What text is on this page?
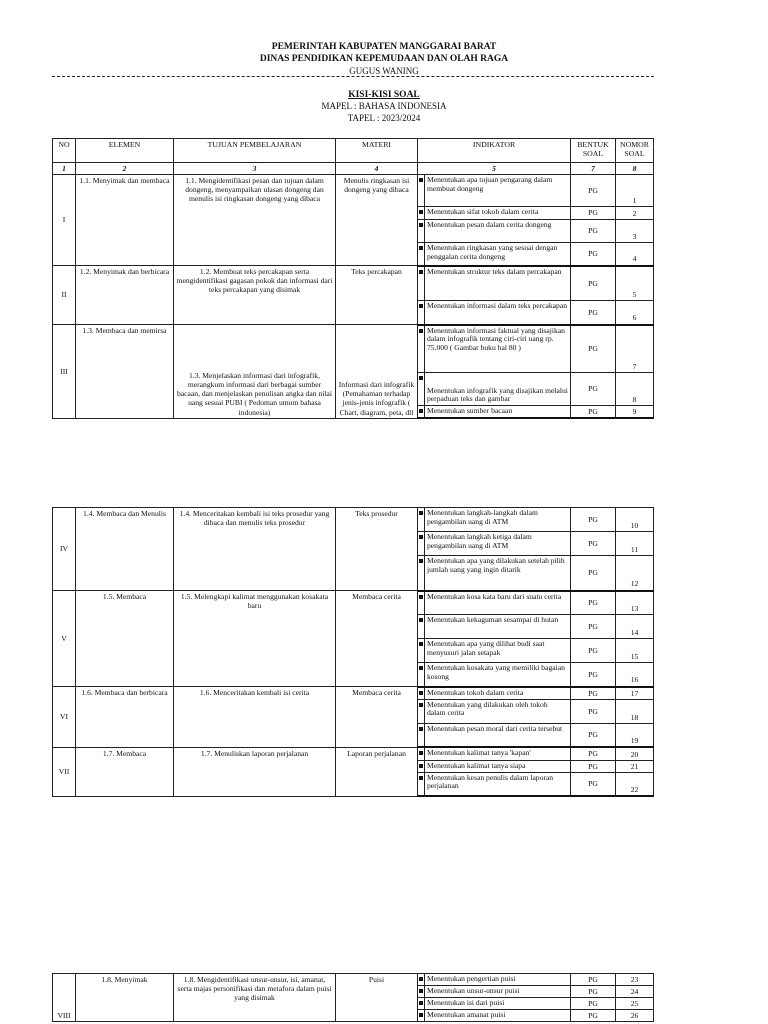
PEMERINTAH KABUPATEN MANGGARAI BARAT
DINAS PENDIDIKAN KEPEMUDAAN DAN OLAH RAGA
GUGUS WANING
KISI-KISI SOAL
MAPEL : BAHASA INDONESIA
TAPEL : 2023/2024
NO	ELEMEN	TUJUAN PEMBELAJARAN	MATERI	INDIKATOR		BENTUK SOAL	NOMOR SOAL
1	2	3	4	5		7	8
I	1.1. Menyimak dan membaca	1.1. Mengidentifikasi pesan dan tujuan dalam dongeng, menyampaikan ulasan dongeng dan menulis isi ringkasan dongeng yang dibaca	Menulis ringkasan isi dongeng yang dibaca		Menentukan apa tujuan pengarang dalam membuat dongeng	PG	1
					Menentukan sifat tokoh dalam cerita	PG	2
					Menentukan pesan dalam cerita dongeng	PG	3
					Menentukan ringkasan yang sesuai dengan penggalan cerita dongeng	PG	4
II	1.2. Menyimak dan berbicara	1.2. Membuat teks percakapan serta mengidentifikasi gagasan pokok dan informasi dari teks percakapan yang disimak	Teks percakapan		Menentukan struktur teks dalam percakapan	PG	5
					Menentukan informasi dalam teks percakapan	PG	6
III	1.3. Membaca dan memirsa	1.3. Menjelaskan informasi dari infografik, merangkum informasi dari berbagai sumber bacaan, dan menjelaskan penulisan angka dan nilai uang sesuai PUBI ( Pedoman umum bahasa indonesia)	Informasi dari infografik (Pemahaman terhadap jenis-jenis infografik ( Chart, diagram, peta, dll		Menentukan informasi faktual yang disajikan dalam infografik tentang ciri-ciri uang rp. 75.000 ( Gambar buku hal 80 )	PG	7
					Menentukan infografik yang disajikan melalui perpaduan teks dan gambar	PG	8
					Menentukan sumber bacaan	PG	9
IV	1.4. Membaca dan Menulis	1.4. Menceritakan kembali isi teks prosedur yang dibaca dan menulis teks prosedur	Teks prosedur		Menentukan langkah-langkah dalam pengambilan uang di ATM	PG	10
					Menentukan langkah ketiga dalam pengambilan uang di ATM	PG	11
					Menentukan apa yang dilakukan setelah pilih jumlah uang yang ingin ditarik	PG	12
V	1.5. Membaca	1.5. Melengkapi kalimat menggunakan kosakata baru	Membaca cerita		Menentukan kosa kata baru dari suatu cerita	PG	13
					Menentukan kekaguman sesampai di hutan	PG	14
					Menentukan apa yang dilihat budi saat menyusuri jalan setapak	PG	15
					Menentukan kosakata yang memiliki bagaian kosong	PG	16
VI	1.6. Membaca dan berbicara	1.6. Menceritakan kembali isi cerita	Membaca cerita		Menentukan tokoh dalam cerita	PG	17
					Menentukan yang dilakukan oleh tokoh dalam cerita	PG	18
					Menentukan pesan moral dari cerita tersebut	PG	19
VII	1.7. Membaca	1.7. Menuliskan laporan perjalanan	Laporan perjalanan		Menentukan kalimat tanya 'kapan'	PG	20
					Menentukan kalimat tanya siapa	PG	21
					Menentukan kesan penulis dalam laporan perjalanan	PG	22
VIII	1.8. Menyimak	1.8. Mengidentifikasi unsur-unsur, isi, amanat, serta majas personifikasi dan metafora dalam puisi yang disimak	Puisi		Menentukan pengertian puisi	PG	23
					Menentukan unsur-unsur puisi	PG	24
					Menentukan isi dari puisi	PG	25
					Menentukan amanat puisi	PG	26
